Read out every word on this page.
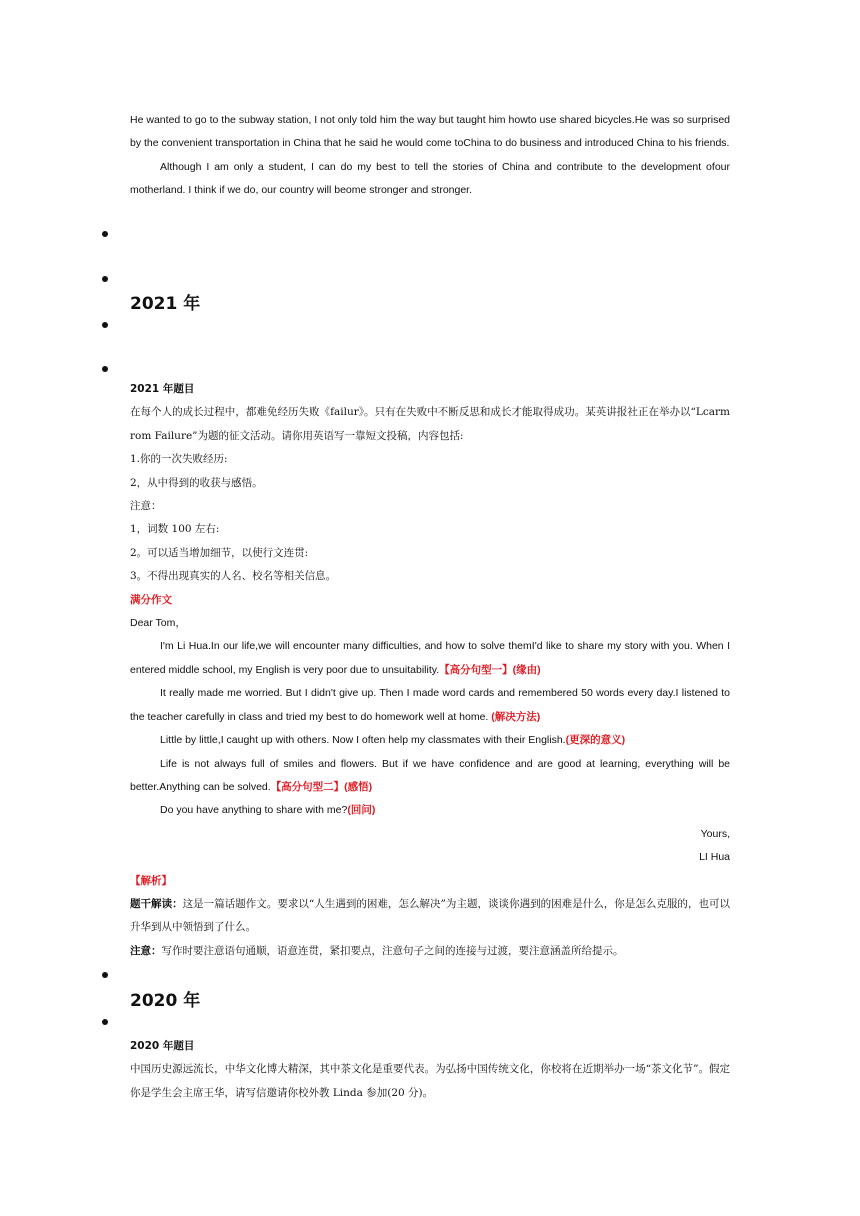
He wanted to go to the subway station, I not only told him the way but taught him howto use shared bicycles.He was so surprised by the convenient transportation in China that he said he would come toChina to do business and introduced China to his friends.

Although I am only a student, I can do my best to tell the stories of China and contribute to the development ofour motherland. I think if we do, our country will beome stronger and stronger.

2021 年

2021 年题目

在每个人的成长过程中，都难免经历失败《failur》。只有在失败中不断反思和成长才能取得成功。某英讲报社正在举办以“Lcarm rom Failure”为题的征文活动。请你用英语写一靠短文投稿，内容包括:

1.你的一次失败经历:

2，从中得到的收获与感悟。

注意：

1，词数 100 左右:

2。可以适当增加细节，以使行文连贯:

3。不得出现真实的人名、校名等相关信息。

满分作文

Dear Tom，

I'm Li Hua.In our life,we will encounter many difficulties, and how to solve themI'd like to share my story with you. When I entered middle school, my English is very poor due to unsuitability.【高分句型一】(缘由)

It really made me worried. But I didn't give up. Then I made word cards and remembered 50 words every day.I listened to the teacher carefully in class and tried my best to do homework well at home. (解决方法)

Little by little,I caught up with others. Now I often help my classmates with their English.(更深的意义)

Life is not always full of smiles and flowers. But if we have confidence and are good at learning, everything will be better.Anything can be solved.【高分句型二】(感悟)

Do you have anything to share with me?(回问)

Yours,

LI Hua

【解析】

题干解读：这是一篇话题作文。要求以“人生遇到的困难，怎么解决”为主题，谈谈你遇到的困难是什么，你是怎么克服的，也可以升华到从中领悟到了什么。

注意：写作时要注意语句通顺，语意连贯，紧扣要点，注意句子之间的连接与过渡，要注意涵盖所给提示。

2020 年

2020 年题目

中国历史源远流长，中华文化博大精深，其中茶文化是重要代表。为弘扬中国传统文化，你校将在近期举办一场“茶文化节”。假定你是学生会主席王华，请写信邀请你校外教 Linda 参加(20 分)。
